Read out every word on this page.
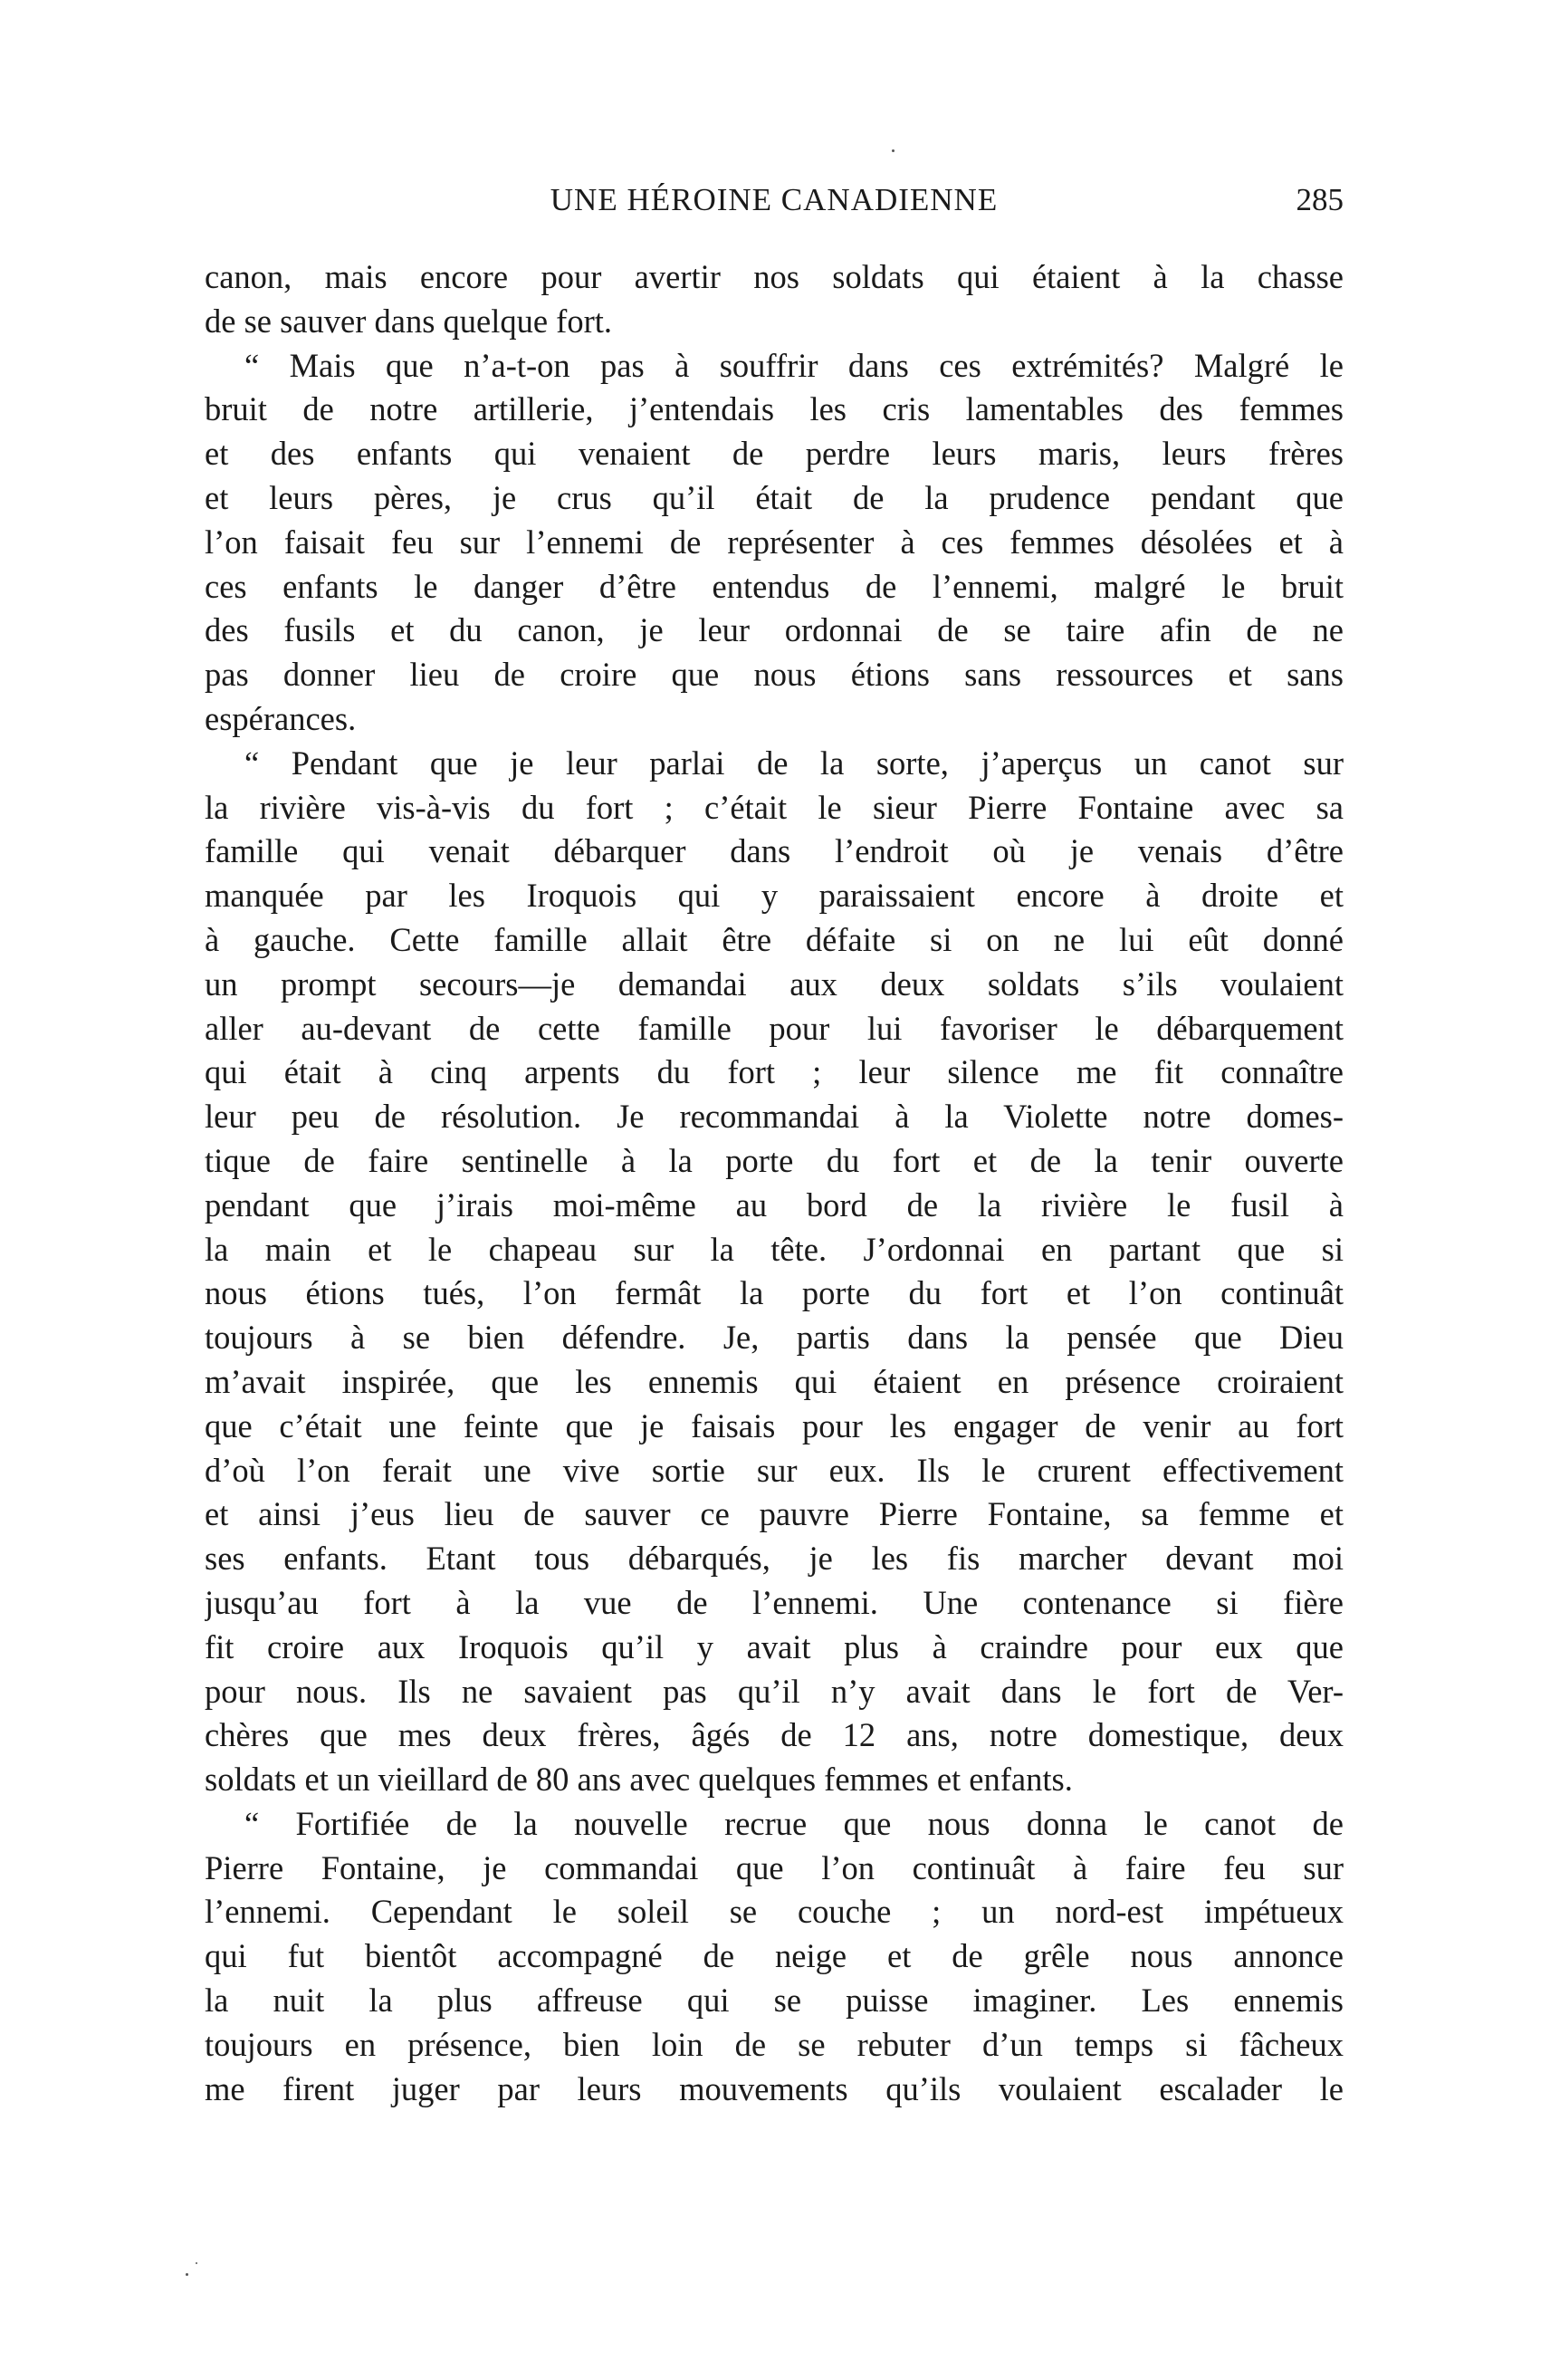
UNE HÉROINE CANADIENNE	285
canon, mais encore pour avertir nos soldats qui étaient à la chasse
de se sauver dans quelque fort.
“ Mais que n’a-t-on pas à souffrir dans ces extrémités? Malgré le
bruit de notre artillerie, j’entendais les cris lamentables des femmes
et des enfants qui venaient de perdre leurs maris, leurs frères
et leurs pères, je crus qu’il était de la prudence pendant que
l’on faisait feu sur l’ennemi de représenter à ces femmes désolées et à
ces enfants le danger d’être entendus de l’ennemi, malgré le bruit
des fusils et du canon, je leur ordonnai de se taire afin de ne
pas donner lieu de croire que nous étions sans ressources et sans
espérances.
“ Pendant que je leur parlai de la sorte, j’aperçus un canot sur
la rivière vis-à-vis du fort ; c’était le sieur Pierre Fontaine avec sa
famille qui venait débarquer dans l’endroit où je venais d’être
manquée par les Iroquois qui y paraissaient encore à droite et
à gauche. Cette famille allait être défaite si on ne lui eût donné
un prompt secours—je demandai aux deux soldats s’ils voulaient
aller au-devant de cette famille pour lui favoriser le débarquement
qui était à cinq arpents du fort ; leur silence me fit connaître
leur peu de résolution. Je recommandai à la Violette notre domes-
tique de faire sentinelle à la porte du fort et de la tenir ouverte
pendant que j’irais moi-même au bord de la rivière le fusil à
la main et le chapeau sur la tête. J’ordonnai en partant que si
nous étions tués, l’on fermât la porte du fort et l’on continuât
toujours à se bien défendre. Je, partis dans la pensée que Dieu
m’avait inspirée, que les ennemis qui étaient en présence croiraient
que c’était une feinte que je faisais pour les engager de venir au fort
d’où l’on ferait une vive sortie sur eux. Ils le crurent effectivement
et ainsi j’eus lieu de sauver ce pauvre Pierre Fontaine, sa femme et
ses enfants. Etant tous débarqués, je les fis marcher devant moi
jusqu’au fort à la vue de l’ennemi. Une contenance si fière
fit croire aux Iroquois qu’il y avait plus à craindre pour eux que
pour nous. Ils ne savaient pas qu’il n’y avait dans le fort de Ver-
chères que mes deux frères, âgés de 12 ans, notre domestique, deux
soldats et un vieillard de 80 ans avec quelques femmes et enfants.
“ Fortifiée de la nouvelle recrue que nous donna le canot de
Pierre Fontaine, je commandai que l’on continuât à faire feu sur
l’ennemi. Cependant le soleil se couche ; un nord-est impétueux
qui fut bientôt accompagné de neige et de grêle nous annonce
la nuit la plus affreuse qui se puisse imaginer. Les ennemis
toujours en présence, bien loin de se rebuter d’un temps si fâcheux
me firent juger par leurs mouvements qu’ils voulaient escalader le
